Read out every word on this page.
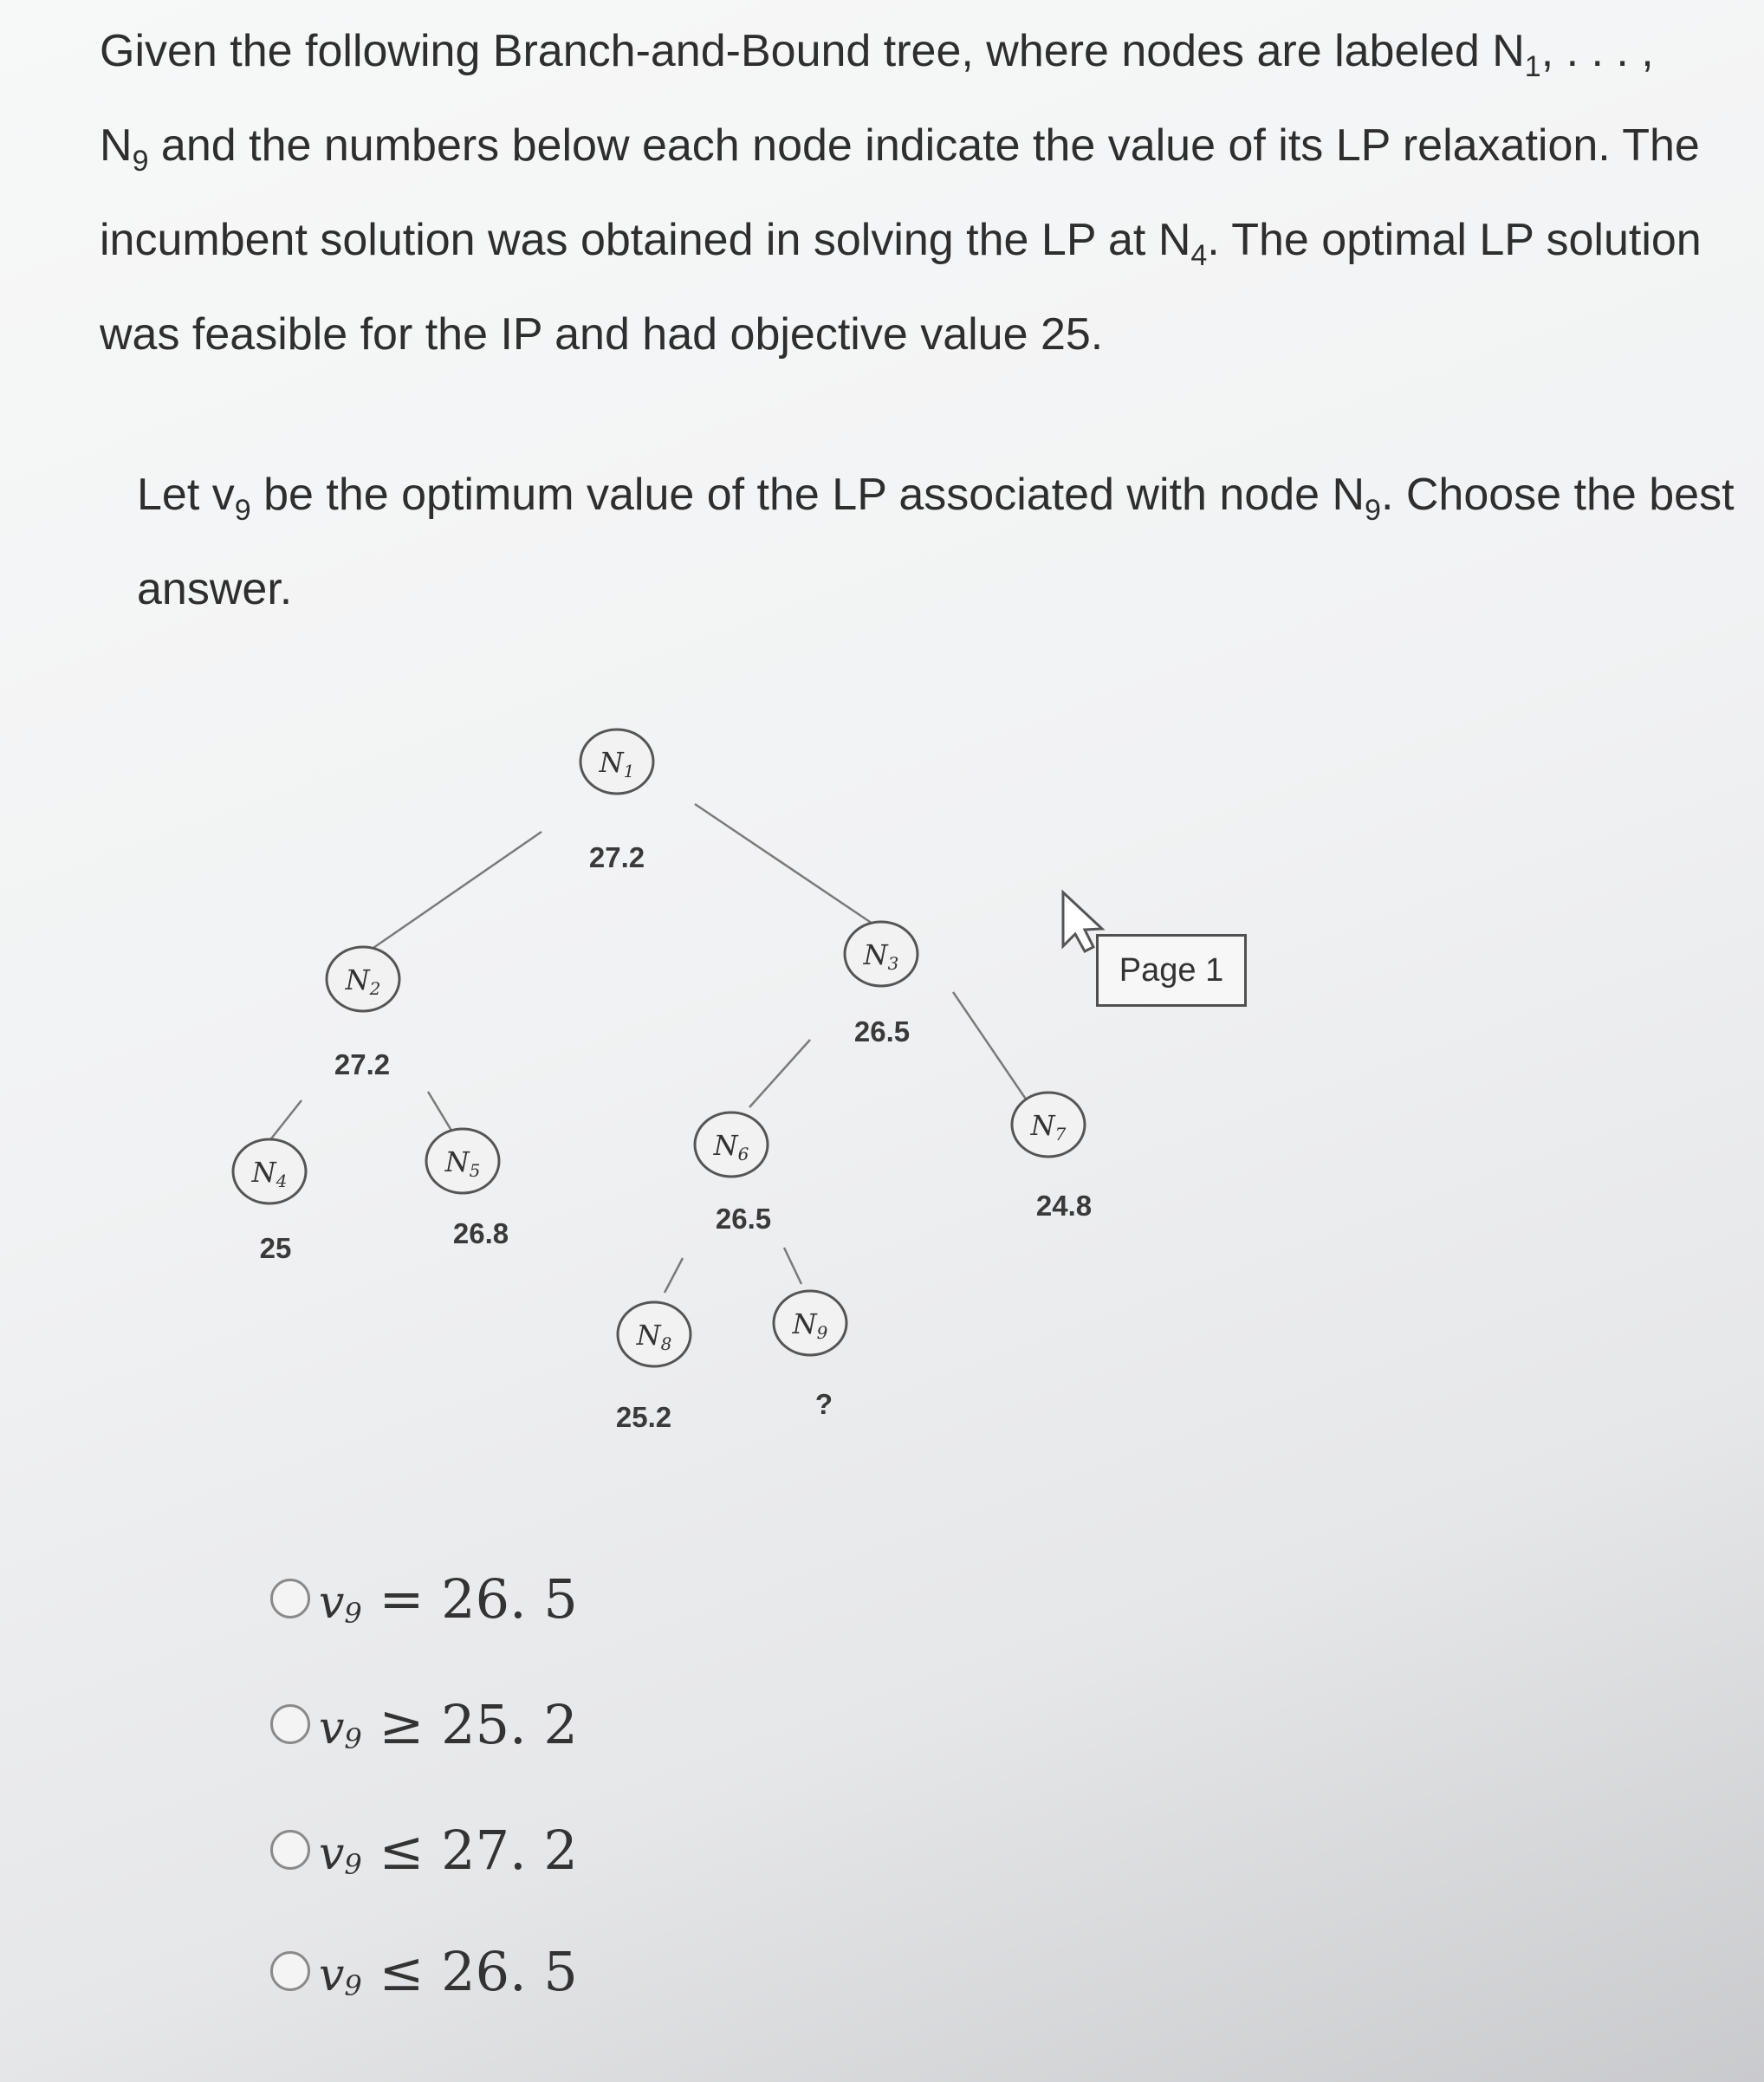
Given the following Branch-and-Bound tree, where nodes are labeled $N_1$, . . . ,
$N_9$ and the numbers below each node indicate the value of its LP relaxation. The incumbent solution was obtained in solving the LP at $N_4$. The optimal LP solution was feasible for the IP and had objective value 25.

Let $v_9$ be the optimum value of the LP associated with node $N_9$. Choose the best answer.

N1
27.2
N2
27.2
N3
26.5
N4
25
N5
26.8
N6
26.5
N7
24.8
N8
25.2
N9
?
Page 1
$v_9 = 26$. 5
$v_9 \ge 25$. 2
$v_9 \le 27$. 2
$v_9 \le 26$. 5
